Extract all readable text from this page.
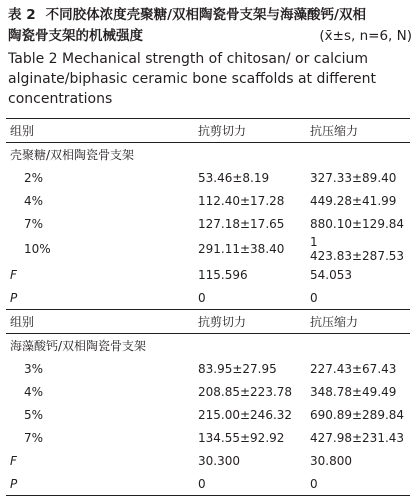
表 2 不同胶体浓度壳聚糖/双相陶瓷骨支架与海藻酸钙/双相
陶瓷骨支架的机械强度	(x̄±s, n=6, N)
Table 2 Mechanical strength of chitosan/ or calcium alginate/biphasic ceramic bone scaffolds at different concentrations
组别	抗剪切力	抗压缩力
壳聚糖/双相陶瓷骨支架		
2%	53.46±8.19	327.33±89.40
4%	112.40±17.28	449.28±41.99
7%	127.18±17.65	880.10±129.84
10%	291.11±38.40	1 423.83±287.53
F	115.596	54.053
P	0	0
组别	抗剪切力	抗压缩力
海藻酸钙/双相陶瓷骨支架		
3%	83.95±27.95	227.43±67.43
4%	208.85±223.78	348.78±49.49
5%	215.00±246.32	690.89±289.84
7%	134.55±92.92	427.98±231.43
F	30.300	30.800
P	0	0
